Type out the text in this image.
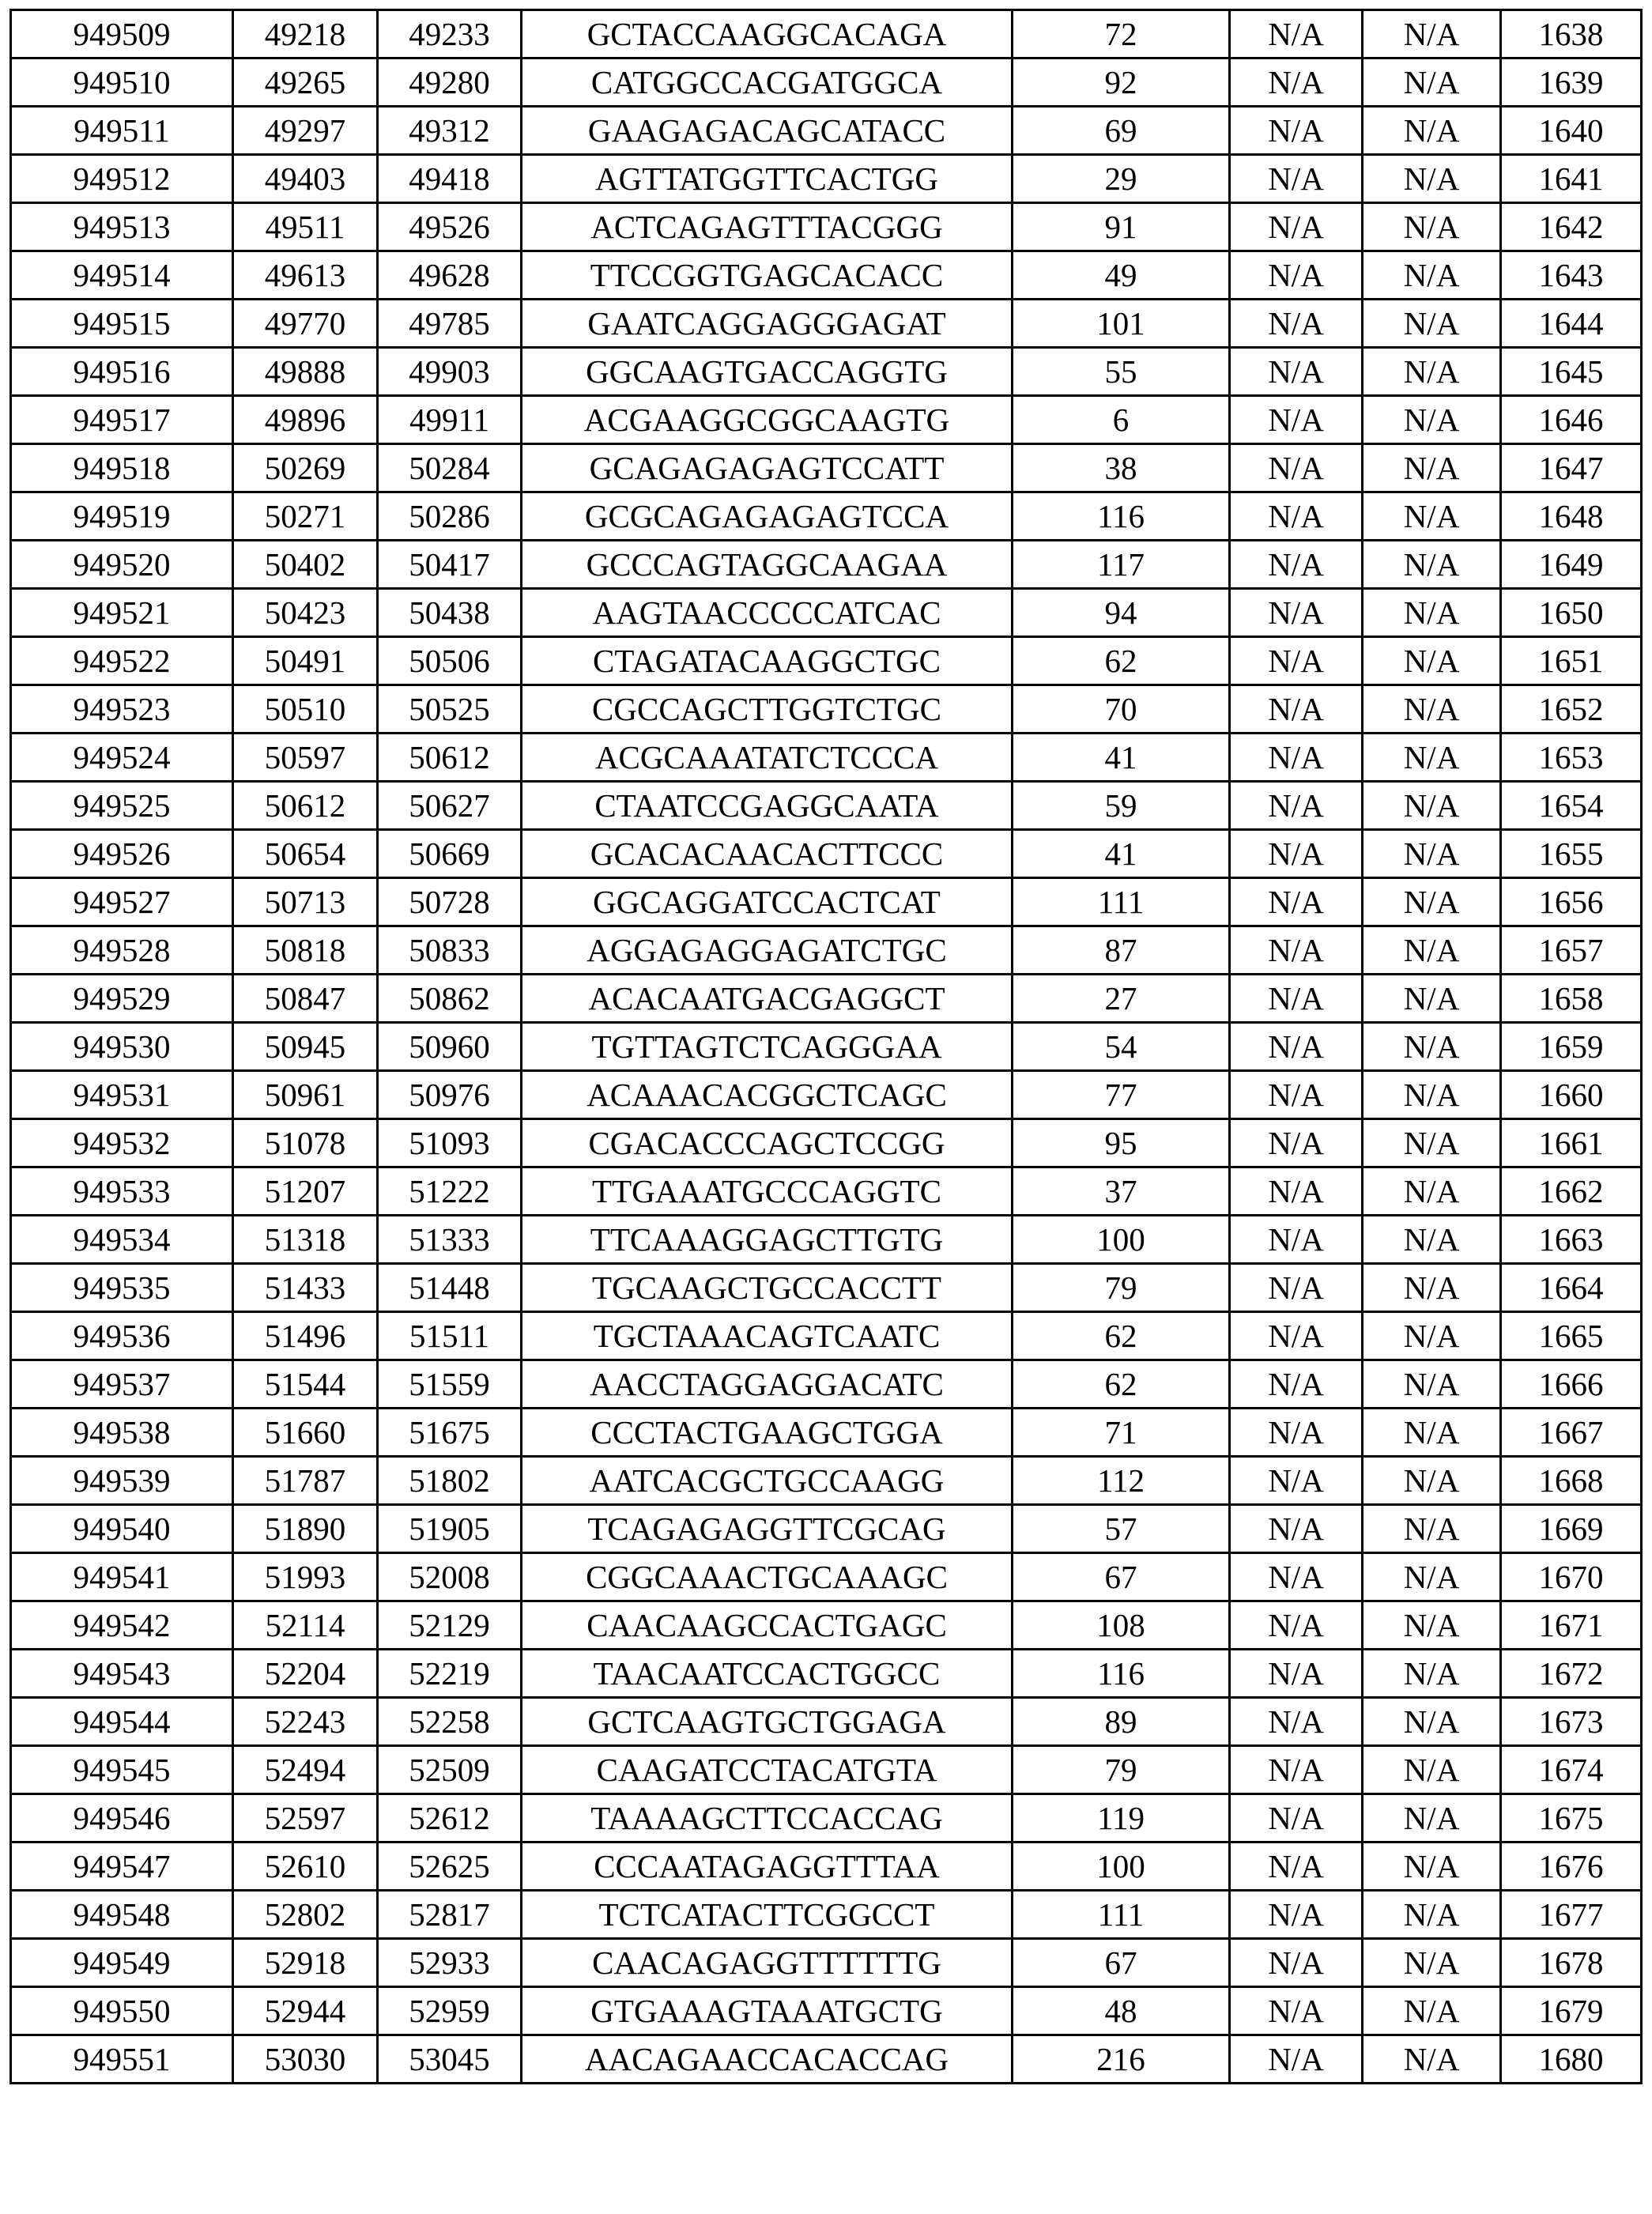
949509	49218	49233	GCTACCAAGGCACAGA	72	N/A	N/A	1638
949510	49265	49280	CATGGCCACGATGGCA	92	N/A	N/A	1639
949511	49297	49312	GAAGAGACAGCATACC	69	N/A	N/A	1640
949512	49403	49418	AGTTATGGTTCACTGG	29	N/A	N/A	1641
949513	49511	49526	ACTCAGAGTTTACGGG	91	N/A	N/A	1642
949514	49613	49628	TTCCGGTGAGCACACC	49	N/A	N/A	1643
949515	49770	49785	GAATCAGGAGGGAGAT	101	N/A	N/A	1644
949516	49888	49903	GGCAAGTGACCAGGTG	55	N/A	N/A	1645
949517	49896	49911	ACGAAGGCGGCAAGTG	6	N/A	N/A	1646
949518	50269	50284	GCAGAGAGAGTCCATT	38	N/A	N/A	1647
949519	50271	50286	GCGCAGAGAGAGTCCA	116	N/A	N/A	1648
949520	50402	50417	GCCCAGTAGGCAAGAA	117	N/A	N/A	1649
949521	50423	50438	AAGTAACCCCCATCAC	94	N/A	N/A	1650
949522	50491	50506	CTAGATACAAGGCTGC	62	N/A	N/A	1651
949523	50510	50525	CGCCAGCTTGGTCTGC	70	N/A	N/A	1652
949524	50597	50612	ACGCAAATATCTCCCA	41	N/A	N/A	1653
949525	50612	50627	CTAATCCGAGGCAATA	59	N/A	N/A	1654
949526	50654	50669	GCACACAACACTTCCC	41	N/A	N/A	1655
949527	50713	50728	GGCAGGATCCACTCAT	111	N/A	N/A	1656
949528	50818	50833	AGGAGAGGAGATCTGC	87	N/A	N/A	1657
949529	50847	50862	ACACAATGACGAGGCT	27	N/A	N/A	1658
949530	50945	50960	TGTTAGTCTCAGGGAA	54	N/A	N/A	1659
949531	50961	50976	ACAAACACGGCTCAGC	77	N/A	N/A	1660
949532	51078	51093	CGACACCCAGCTCCGG	95	N/A	N/A	1661
949533	51207	51222	TTGAAATGCCCAGGTC	37	N/A	N/A	1662
949534	51318	51333	TTCAAAGGAGCTTGTG	100	N/A	N/A	1663
949535	51433	51448	TGCAAGCTGCCACCTT	79	N/A	N/A	1664
949536	51496	51511	TGCTAAACAGTCAATC	62	N/A	N/A	1665
949537	51544	51559	AACCTAGGAGGACATC	62	N/A	N/A	1666
949538	51660	51675	CCCTACTGAAGCTGGA	71	N/A	N/A	1667
949539	51787	51802	AATCACGCTGCCAAGG	112	N/A	N/A	1668
949540	51890	51905	TCAGAGAGGTTCGCAG	57	N/A	N/A	1669
949541	51993	52008	CGGCAAACTGCAAAGC	67	N/A	N/A	1670
949542	52114	52129	CAACAAGCCACTGAGC	108	N/A	N/A	1671
949543	52204	52219	TAACAATCCACTGGCC	116	N/A	N/A	1672
949544	52243	52258	GCTCAAGTGCTGGAGA	89	N/A	N/A	1673
949545	52494	52509	CAAGATCCTACATGTA	79	N/A	N/A	1674
949546	52597	52612	TAAAAGCTTCCACCAG	119	N/A	N/A	1675
949547	52610	52625	CCCAATAGAGGTTTAA	100	N/A	N/A	1676
949548	52802	52817	TCTCATACTTCGGCCT	111	N/A	N/A	1677
949549	52918	52933	CAACAGAGGTTTTTTG	67	N/A	N/A	1678
949550	52944	52959	GTGAAAGTAAATGCTG	48	N/A	N/A	1679
949551	53030	53045	AACAGAACCACACCAG	216	N/A	N/A	1680
